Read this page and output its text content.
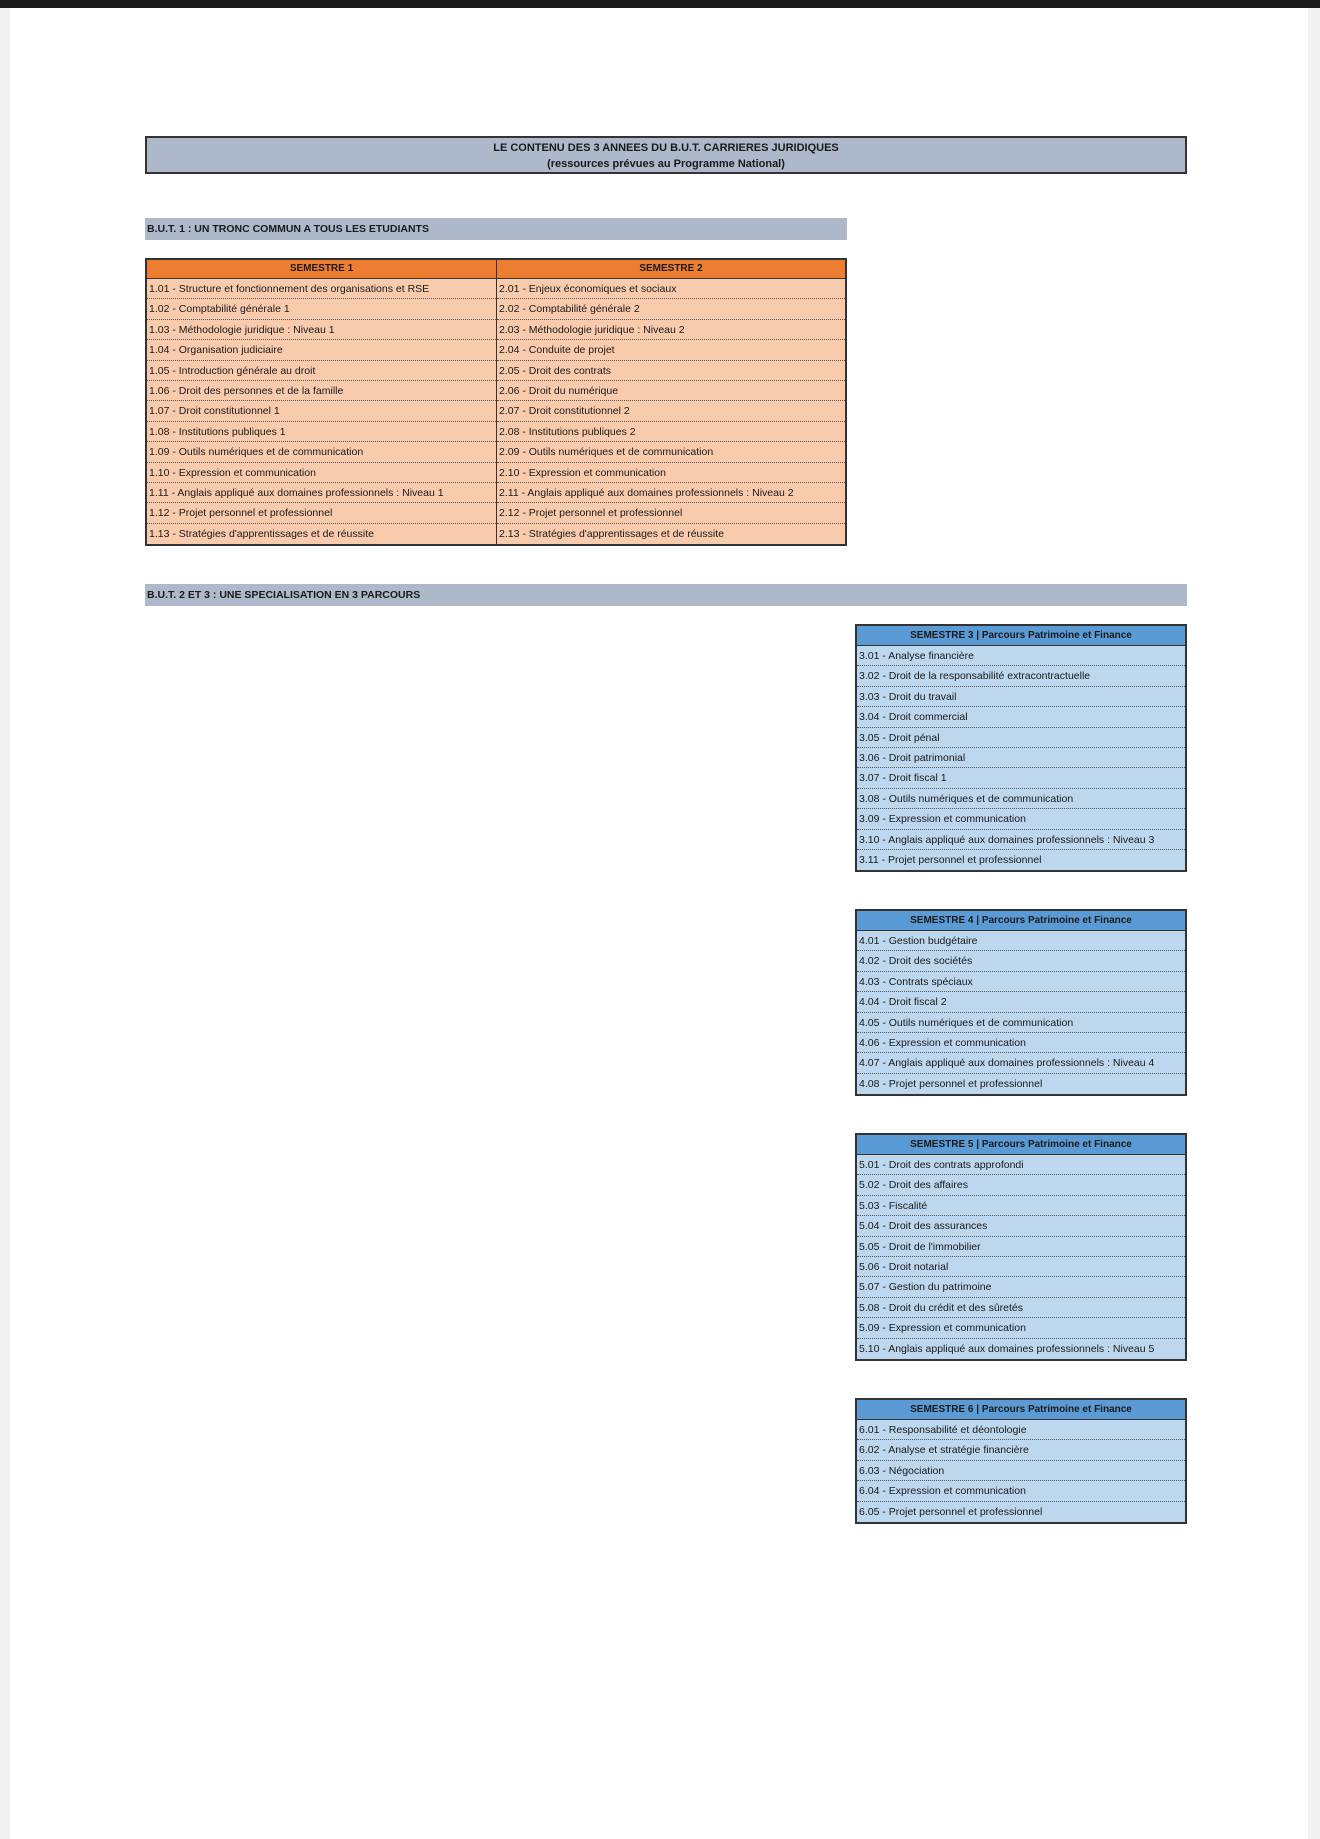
LE CONTENU DES 3 ANNEES DU B.U.T. CARRIERES JURIDIQUES
(ressources prévues au Programme National)
B.U.T. 1 : UN TRONC COMMUN A TOUS LES ETUDIANTS
SEMESTRE 1
1.01 - Structure et fonctionnement des organisations et RSE
1.02 - Comptabilité générale 1
1.03 - Méthodologie juridique : Niveau 1
1.04 - Organisation judiciaire
1.05 - Introduction générale au droit
1.06 - Droit des personnes et de la famille
1.07 - Droit constitutionnel 1
1.08 - Institutions publiques 1
1.09 - Outils numériques et de communication
1.10 - Expression et communication
1.11 - Anglais appliqué aux domaines professionnels : Niveau 1
1.12 - Projet personnel et professionnel
1.13 - Stratégies d'apprentissages et de réussite
SEMESTRE 2
2.01 - Enjeux économiques et sociaux
2.02 - Comptabilité générale 2
2.03 - Méthodologie juridique : Niveau 2
2.04 - Conduite de projet
2.05 - Droit des contrats
2.06 - Droit du numérique
2.07 - Droit constitutionnel 2
2.08 - Institutions publiques 2
2.09 - Outils numériques et de communication
2.10 - Expression et communication
2.11 - Anglais appliqué aux domaines professionnels : Niveau 2
2.12 - Projet personnel et professionnel
2.13 - Stratégies d'apprentissages et de réussite
B.U.T. 2 ET 3 : UNE SPECIALISATION EN 3 PARCOURS
SEMESTRE 3 | Parcours Patrimoine et Finance
3.01 - Analyse financière
3.02 - Droit de la responsabilité extracontractuelle
3.03 - Droit du travail
3.04 - Droit commercial
3.05 - Droit pénal
3.06 - Droit patrimonial
3.07 - Droit fiscal 1
3.08 - Outils numériques et de communication
3.09 - Expression et communication
3.10 - Anglais appliqué aux domaines professionnels : Niveau 3
3.11 - Projet personnel et professionnel
SEMESTRE 4 | Parcours Patrimoine et Finance
4.01 - Gestion budgétaire
4.02 - Droit des sociétés
4.03 - Contrats spéciaux
4.04 - Droit fiscal 2
4.05 - Outils numériques et de communication
4.06 - Expression et communication
4.07 - Anglais appliqué aux domaines professionnels : Niveau 4
4.08 - Projet personnel et professionnel
SEMESTRE 5 | Parcours Patrimoine et Finance
5.01 - Droit des contrats approfondi
5.02 - Droit des affaires
5.03 - Fiscalité
5.04 - Droit des assurances
5.05 - Droit de l'immobilier
5.06 - Droit notarial
5.07 - Gestion du patrimoine
5.08 - Droit du crédit et des sûretés
5.09 - Expression et communication
5.10 - Anglais appliqué aux domaines professionnels : Niveau 5
SEMESTRE 6 | Parcours Patrimoine et Finance
6.01 - Responsabilité et déontologie
6.02 - Analyse et stratégie financière
6.03 - Négociation
6.04 - Expression et communication
6.05 - Projet personnel et professionnel
